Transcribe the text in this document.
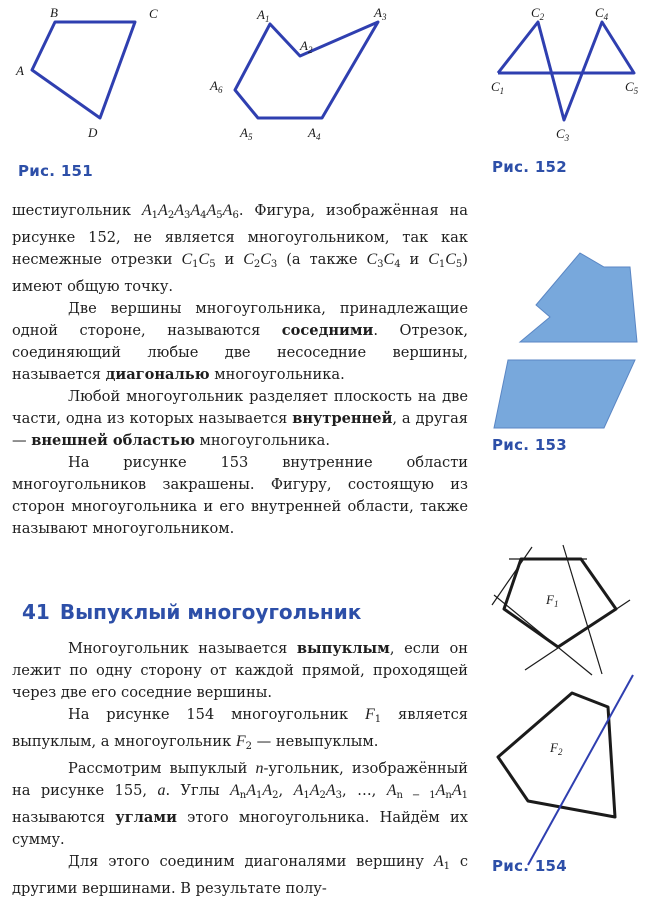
B	C
A
D
$A_1$
$A_2$
$A_3$
$A_4$
$A_5$
$A_6$
Рис. 151
$C_2$	$C_4$
$C_1$	$C_5$
$C_3$
Рис. 152
Рис. 153
$F_1$
$F_2$
Рис. 154

шестиугольник $A_1A_2A_3A_4A_5A_6$. Фигура, изображённая на рисунке 152, не является многоугольником, так как несмежные отрезки $C_1C_5$ и $C_2C_3$ (а также $C_3C_4$ и $C_1C_5$) имеют общую точку.

Две вершины многоугольника, принадлежащие одной стороне, называются соседними. Отрезок, соединяющий любые две несоседние вершины, называется диагональю многоугольника.

Любой многоугольник разделяет плоскость на две части, одна из которых называется внутренней, а другая — внешней областью многоугольника.

На рисунке 153 внутренние области многоугольников закрашены. Фигуру, состоящую из сторон многоугольника и его внутренней области, также называют многоугольником.

41 Выпуклый многоугольник

Многоугольник называется выпуклым, если он лежит по одну сторону от каждой прямой, проходящей через две его соседние вершины.

На рисунке 154 многоугольник $F_1$ является выпуклым, а многоугольник $F_2$ — невыпуклым.

Рассмотрим выпуклый n-угольник, изображённый на рисунке 155, а. Углы $A_nA_1A_2$, $A_1A_2A_3$, …, $A_{n - 1}A_nA_1$ называются углами этого многоугольника. Найдём их сумму.

Для этого соединим диагоналями вершину $A_1$ с другими вершинами. В результате полу-
